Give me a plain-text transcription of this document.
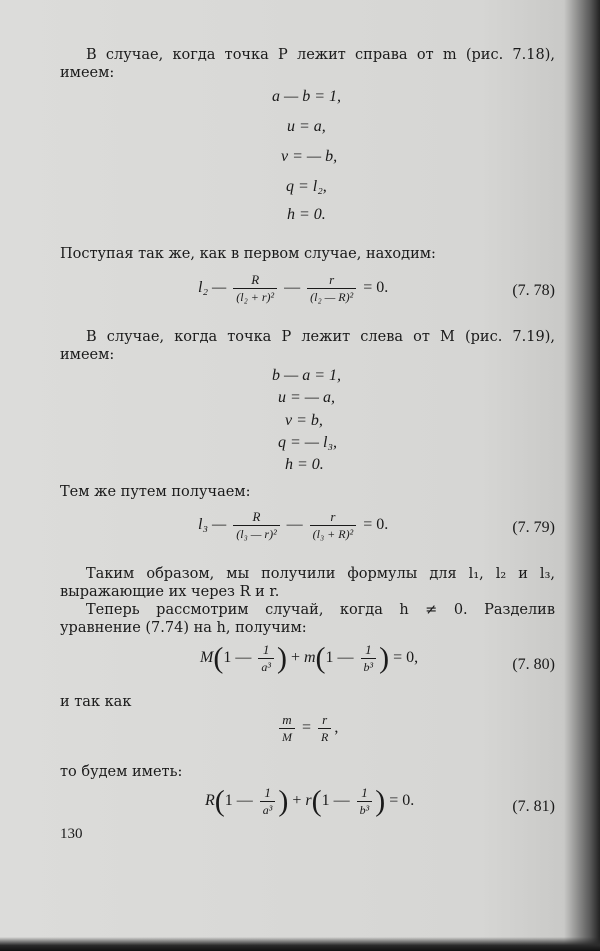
В случае, когда точка P лежит справа от m (рис. 7.18), имеем:
a — b = 1,
u = a,
v = — b,
q = l₂,
h = 0.
Поступая так же, как в первом случае, находим:
l₂ — $\frac{R}{\text{(l₂ + r)²}}$ — $\frac{r}{\text{(l₂ — R)²}} = 0$.	(7. 78)
В случае, когда точка P лежит слева от M (рис. 7.19), имеем:
b — a = 1,
u = — a,
v = b,
q = — l₃,
h = 0.
Тем же путем получаем:
l₃ — $\frac{R}{\text{(l₃ — r)²}}$ — $\frac{r}{\text{(l₃ + R)²}} = 0$.	(7. 79)
Таким образом, мы получили формулы для l₁, l₂ и l₃, выражающие их через R и r.
Теперь рассмотрим случай, когда h ≠ 0. Разделив уравнение (7.74) на h, получим:
M(1 — $\frac{1}{\text{a³}}$ ) + m(1 — $\frac{1}{\text{b³}}$ ) = 0,	(7. 80)
и так как
$\frac{m}{M} = \frac{r}{R}$ ,
то будем иметь:
R(1 — $\frac{1}{\text{a³}}$ ) + r(1 — $\frac{1}{\text{b³}}$ ) = 0.	(7. 81)
130
